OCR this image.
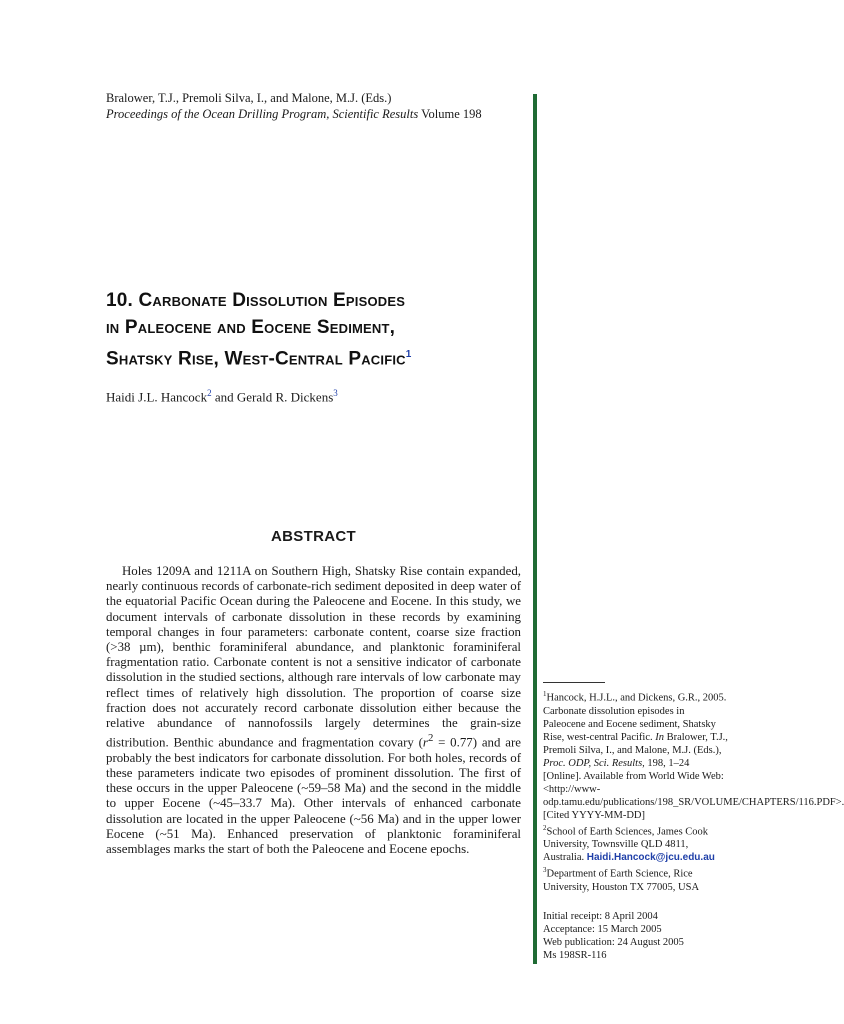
Bralower, T.J., Premoli Silva, I., and Malone, M.J. (Eds.)
Proceedings of the Ocean Drilling Program, Scientific Results Volume 198
10. Carbonate Dissolution Episodes
in Paleocene and Eocene Sediment,
Shatsky Rise, West-Central Pacific$^1$
Haidi J.L. Hancock$^2$ and Gerald R. Dickens$^3$
ABSTRACT
Holes 1209A and 1211A on Southern High, Shatsky Rise contain expanded, nearly continuous records of carbonate-rich sediment deposited in deep water of the equatorial Pacific Ocean during the Paleocene and Eocene. In this study, we document intervals of carbonate dissolution in these records by examining temporal changes in four parameters: carbonate content, coarse size fraction (>38 µm), benthic foraminiferal abundance, and planktonic foraminiferal fragmentation ratio. Carbonate content is not a sensitive indicator of carbonate dissolution in the studied sections, although rare intervals of low carbonate may reflect times of relatively high dissolution. The proportion of coarse size fraction does not accurately record carbonate dissolution either because the relative abundance of nannofossils largely determines the grain-size distribution. Benthic abundance and fragmentation covary $(r^2 = 0.77)$ and are probably the best indicators for carbonate dissolution. For both holes, records of these parameters indicate two episodes of prominent dissolution. The first of these occurs in the upper Paleocene (~59–58 Ma) and the second in the middle to upper Eocene (~45–33.7 Ma). Other intervals of enhanced carbonate dissolution are located in the upper Paleocene (~56 Ma) and in the upper lower Eocene (~51 Ma). Enhanced preservation of planktonic foraminiferal assemblages marks the start of both the Paleocene and Eocene epochs.

$^1$Hancock, H.J.L., and Dickens, G.R., 2005. Carbonate dissolution episodes in Paleocene and Eocene sediment, Shatsky Rise, west-central Pacific. In Bralower, T.J., Premoli Silva, I., and Malone, M.J. (Eds.), Proc. ODP, Sci. Results, 198, 1–24 [Online]. Available from World Wide Web: <http://www-odp.tamu.edu/publications/198_SR/VOLUME/CHAPTERS/116.PDF>. [Cited YYYY-MM-DD]

$^2$School of Earth Sciences, James Cook University, Townsville QLD 4811, Australia. Haidi.Hancock@jcu.edu.au

$^3$Department of Earth Science, Rice University, Houston TX 77005, USA

Initial receipt: 8 April 2004
Acceptance: 15 March 2005
Web publication: 24 August 2005
Ms 198SR-116
